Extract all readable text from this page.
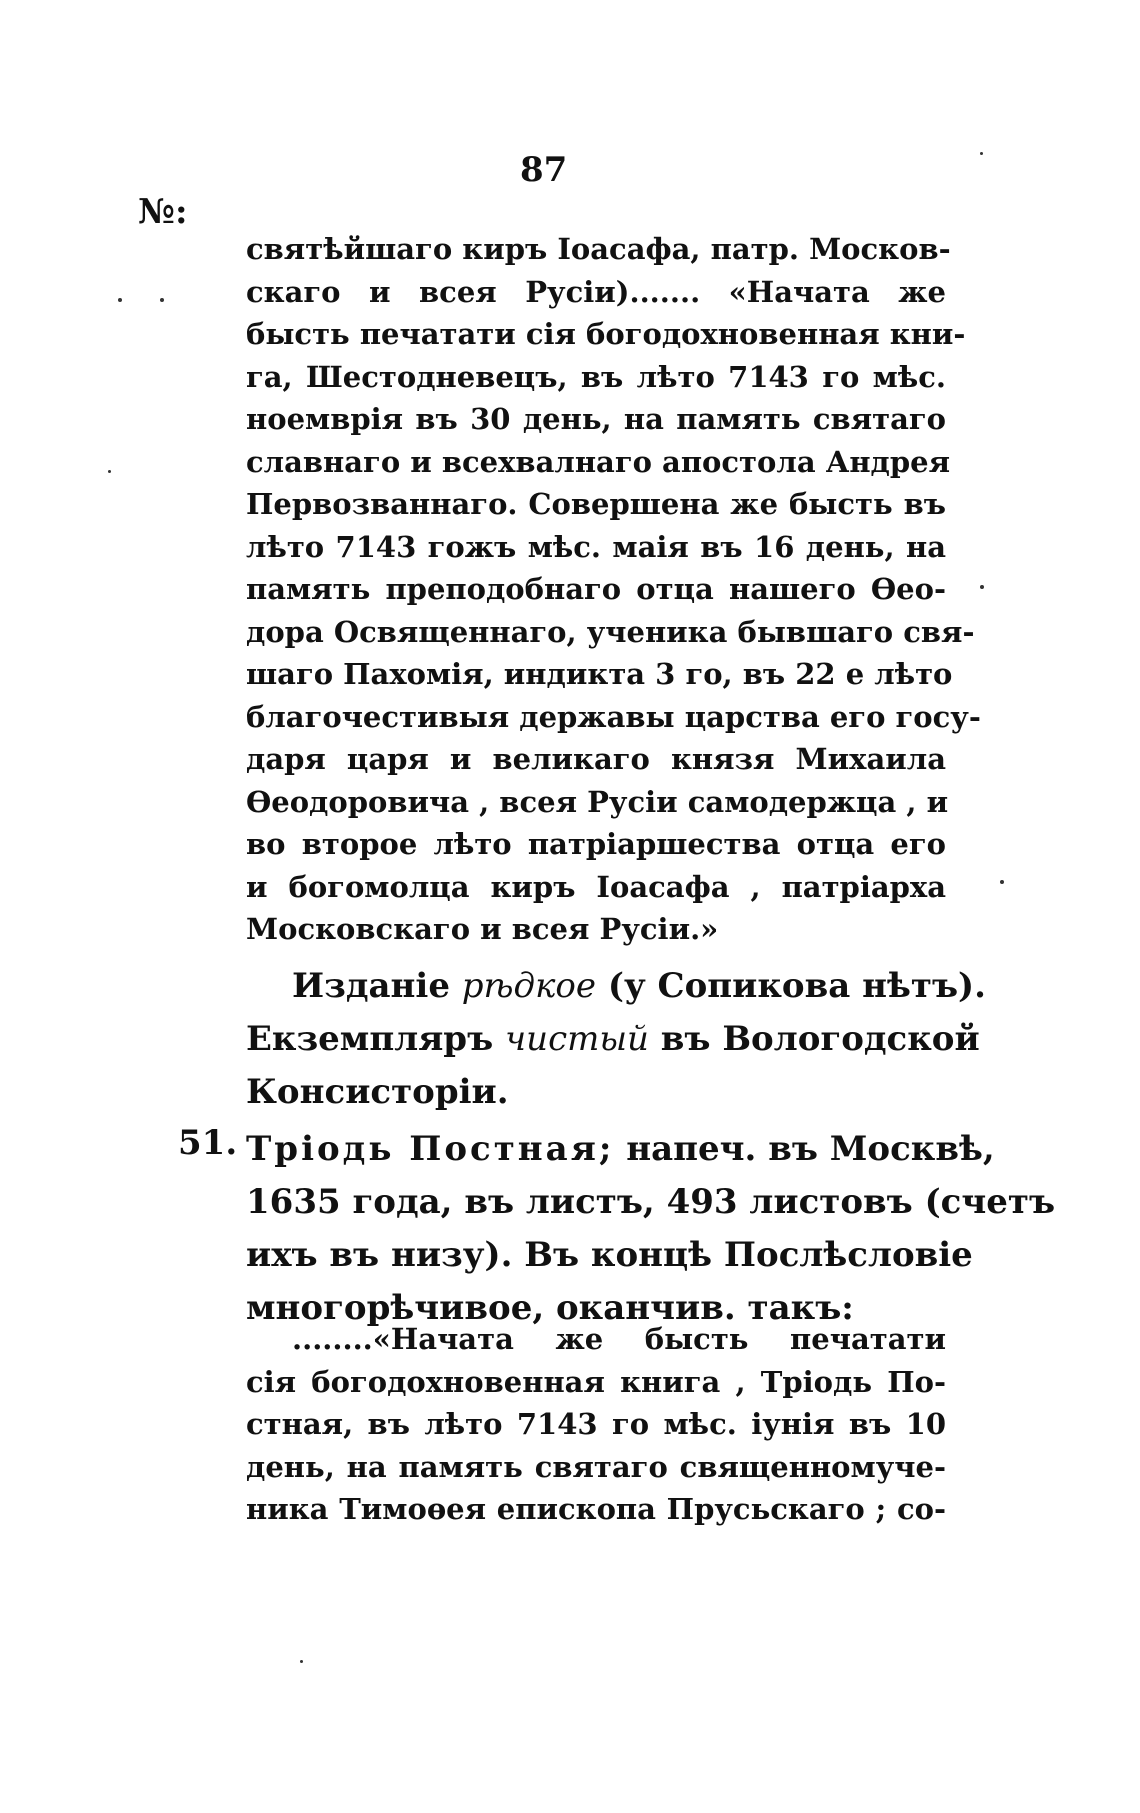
87
№:
святѣйшаго киръ Іоасафа, патр. Москов-
скаго и всея Русіи)....... «Начата же
бысть печатати сія богодохновенная кни-
га, Шестодневецъ, въ лѣто 7143 го мѣс.
ноемврія въ 30 день, на память святаго
славнаго и всехвалнаго апостола Андрея
Первозваннаго. Совершена же бысть въ
лѣто 7143 гожъ мѣс. маія въ 16 день, на
память преподобнаго отца нашего Өео-
дора Освященнаго, ученика бывшаго свя-
шаго Пахомія, индикта 3 го, въ 22 е лѣто
благочестивыя державы царства его госу-
даря царя и великаго князя Михаила
Өеодоровича , всея Русіи самодержца , и
во второе лѣто патріаршества отца его
и богомолца киръ Іоасафа , патріарха
Московскаго и всея Русіи.»
Изданіе рѣдкое (у Сопикова нѣтъ).
Екземпляръ чистый въ Вологодской
Консисторіи.
51. Тріодь Постная; напеч. въ Москвѣ,
1635 года, въ листъ, 493 листовъ (счетъ
ихъ въ низу). Въ концѣ Послѣсловіе
многорѣчивое, оканчив. такъ:
........«Начата же бысть печатати
сія богодохновенная книга , Тріодь По-
стная, въ лѣто 7143 го мѣс. іунія въ 10
день, на память святаго священномуче-
ника Тимоөея епископа Прусьскаго ; со-
